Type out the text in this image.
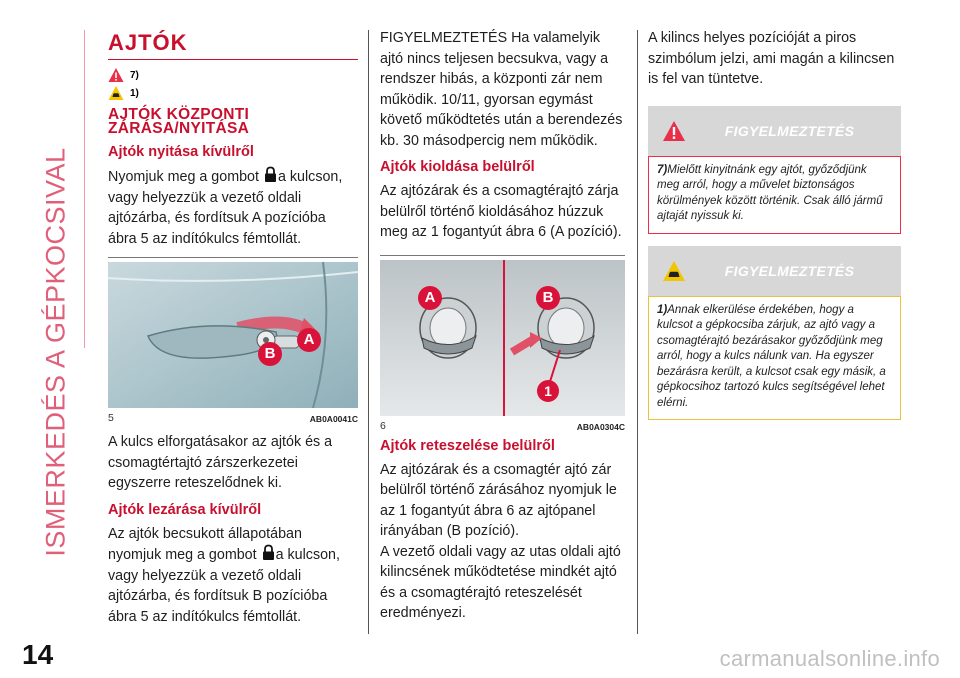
ISMERKEDÉS A GÉPKOCSIVAL
14	carmanualsonline.info
AJTÓK
7)
1)
AJTÓK KÖZPONTI
ZÁRÁSA/NYITÁSA
Ajtók nyitása kívülről

Nyomjuk meg a gombot a kulcson, vagy helyezzük a vezető oldali ajtózárba, és fordítsuk A pozícióba ábra 5 az indítókulcs fémtollát.

B
A
5	AB0A0041C

A kulcs elforgatásakor az ajtók és a csomagtértajtó zárszerkezetei egyszerre reteszelődnek ki.

Ajtók lezárása kívülről

Az ajtók becsukott állapotában nyomjuk meg a gombot a kulcson, vagy helyezzük a vezető oldali ajtózárba, és fordítsuk B pozícióba ábra 5 az indítókulcs fémtollát.

FIGYELMEZTETÉS Ha valamelyik ajtó nincs teljesen becsukva, vagy a rendszer hibás, a központi zár nem működik. 10/11, gyorsan egymást követő működtetés után a berendezés kb. 30 másodpercig nem működik.

Ajtók kioldása belülről

Az ajtózárak és a csomagtérajtó zárja belülről történő kioldásához húzzuk meg az 1 fogantyút ábra 6 (A pozíció).

A	B
1
6	AB0A0304C
Ajtók reteszelése belülről

Az ajtózárak és a csomagtér ajtó zár belülről történő zárásához nyomjuk le az 1 fogantyút ábra 6 az ajtópanel irányában (B pozíció).

A vezető oldali vagy az utas oldali ajtó kilincsének működtetése mindkét ajtó és a csomagtérajtó reteszelését eredményezi.

A kilincs helyes pozícióját a piros szimbólum jelzi, ami magán a kilincsen is fel van tüntetve.

FIGYELMEZTETÉS
7)Mielőtt kinyitnánk egy ajtót, győződjünk meg arról, hogy a művelet biztonságos körülmények között történik. Csak álló jármű ajtaját nyissuk ki.
FIGYELMEZTETÉS
1)Annak elkerülése érdekében, hogy a kulcsot a gépkocsiba zárjuk, az ajtó vagy a csomagtérajtó bezárásakor győződjünk meg arról, hogy a kulcs nálunk van. Ha egyszer bezárásra került, a kulcsot csak egy másik, a gépkocsihoz tartozó kulcs segítségével lehet elérni.
